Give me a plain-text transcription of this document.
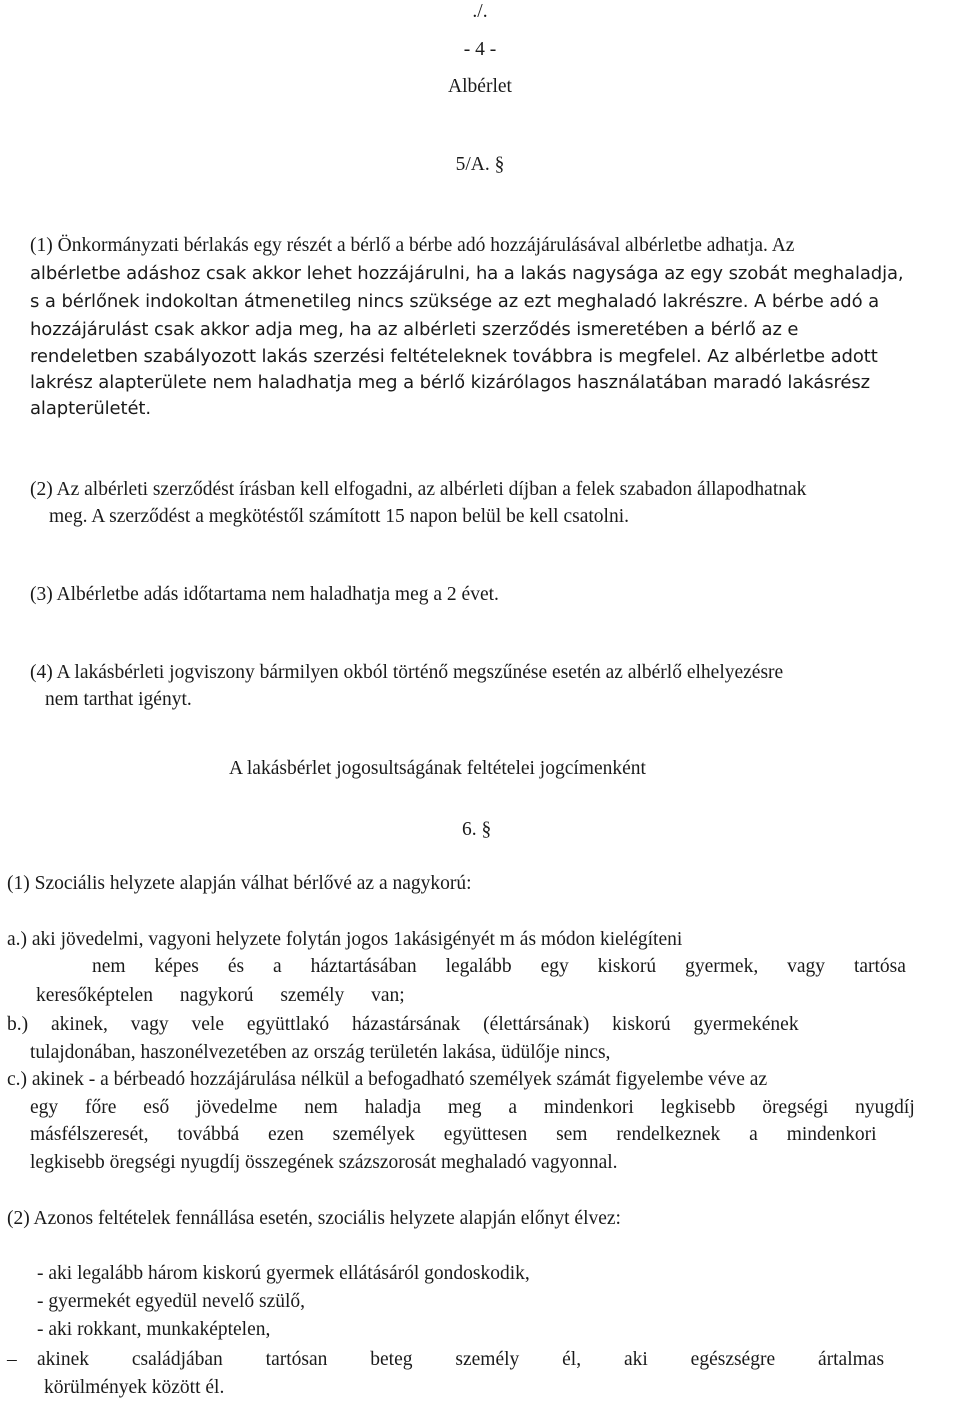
./.
- 4 -
Albérlet
5/A. §
(1) Önkormányzati bérlakás egy részét a bérlő a bérbe adó hozzájárulásával albérletbe adhatja. Az
albérletbe adáshoz csak akkor lehet hozzájárulni, ha a lakás nagysága az egy szobát meghaladja,
s a bérlőnek indokoltan átmenetileg nincs szüksége az ezt meghaladó lakrészre. A bérbe adó a
hozzájárulást csak akkor adja meg, ha az albérleti szerződés ismeretében a bérlő az e
rendeletben szabályozott lakás szerzési feltételeknek továbbra is megfelel. Az albérletbe adott
lakrész alapterülete nem haladhatja meg a bérlő kizárólagos használatában maradó lakásrész
alapterületét.
(2) Az albérleti szerződést írásban kell elfogadni, az albérleti díjban a felek szabadon állapodhatnak
meg. A szerződést a megkötéstől számított 15 napon belül be kell csatolni.
(3) Albérletbe adás időtartama nem haladhatja meg a 2 évet.
(4) A lakásbérleti jogviszony bármilyen okból történő megszűnése esetén az albérlő elhelyezésre
nem tarthat igényt.
A lakásbérlet jogosultságának feltételei jogcímenként
6. §
(1) Szociális helyzete alapján válhat bérlővé az a nagykorú:
a.) aki jövedelmi, vagyoni helyzete folytán jogos 1akásigényét m ás módon kielégíteni
nem képes és a háztartásában legalább egy kiskorú gyermek, vagy tartósa
keresőképtelen nagykorú személy van;
b.) akinek, vagy vele együttlakó házastársának (élettársának) kiskorú gyermekének
tulajdonában, haszonélvezetében az ország területén lakása, üdülője nincs,
c.) akinek - a bérbeadó hozzájárulása nélkül a befogadható személyek számát figyelembe véve az
egy főre eső jövedelme nem haladja meg a mindenkori legkisebb öregségi nyugdíj
másfélszeresét, továbbá ezen személyek együttesen sem rendelkeznek a mindenkori
legkisebb öregségi nyugdíj összegének százszorosát meghaladó vagyonnal.
(2) Azonos feltételek fennállása esetén, szociális helyzete alapján előnyt élvez:
- aki legalább három kiskorú gyermek ellátásáról gondoskodik,
- gyermekét egyedül nevelő szülő,
- aki rokkant, munkaképtelen,
– akinek családjában tartósan beteg személy él, aki egészségre ártalmas
körülmények között él.
